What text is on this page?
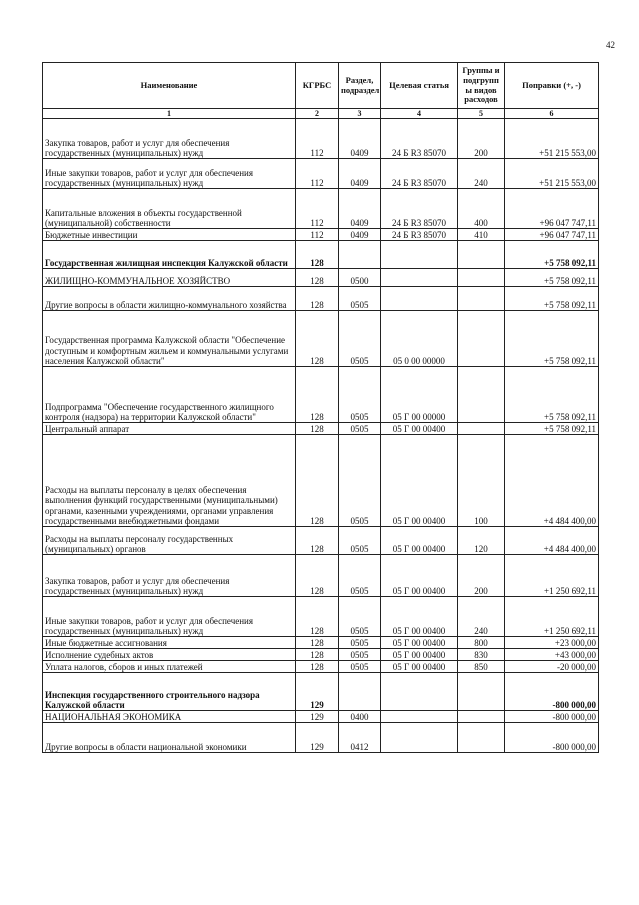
42
Наименование	КГРБС	Раздел, подраздел	Целевая статья	Группы и подгрупп ы видов расходов	Поправки (+, -)
1	2	3	4	5	6
Закупка товаров, работ и услуг для обеспечения государственных (муниципальных) нужд	112	0409	24 Б R3 85070	200	+51 215 553,00
Иные закупки товаров, работ и услуг для обеспечения государственных (муниципальных) нужд	112	0409	24 Б R3 85070	240	+51 215 553,00
Капитальные вложения в объекты государственной (муниципальной) собственности	112	0409	24 Б R3 85070	400	+96 047 747,11
Бюджетные инвестиции	112	0409	24 Б R3 85070	410	+96 047 747,11
Государственная жилищная инспекция Калужской области	128				+5 758 092,11
ЖИЛИЩНО-КОММУНАЛЬНОЕ ХОЗЯЙСТВО	128	0500			+5 758 092,11
Другие вопросы в области жилищно-коммунального хозяйства	128	0505			+5 758 092,11
Государственная программа Калужской области "Обеспечение доступным и комфортным жильем и коммунальными услугами населения Калужской области"	128	0505	05 0 00 00000		+5 758 092,11
Подпрограмма "Обеспечение государственного жилищного контроля (надзора) на территории Калужской области"	128	0505	05 Г 00 00000		+5 758 092,11
Центральный аппарат	128	0505	05 Г 00 00400		+5 758 092,11
Расходы на выплаты персоналу в целях обеспечения выполнения функций государственными (муниципальными) органами, казенными учреждениями, органами управления государственными внебюджетными фондами	128	0505	05 Г 00 00400	100	+4 484 400,00
Расходы на выплаты персоналу государственных (муниципальных) органов	128	0505	05 Г 00 00400	120	+4 484 400,00
Закупка товаров, работ и услуг для обеспечения государственных (муниципальных) нужд	128	0505	05 Г 00 00400	200	+1 250 692,11
Иные закупки товаров, работ и услуг для обеспечения государственных (муниципальных) нужд	128	0505	05 Г 00 00400	240	+1 250 692,11
Иные бюджетные ассигнования	128	0505	05 Г 00 00400	800	+23 000,00
Исполнение судебных актов	128	0505	05 Г 00 00400	830	+43 000,00
Уплата налогов, сборов и иных платежей	128	0505	05 Г 00 00400	850	-20 000,00
Инспекция государственного строительного надзора Калужской области	129				-800 000,00
НАЦИОНАЛЬНАЯ ЭКОНОМИКА	129	0400			-800 000,00
Другие вопросы в области национальной экономики	129	0412			-800 000,00
